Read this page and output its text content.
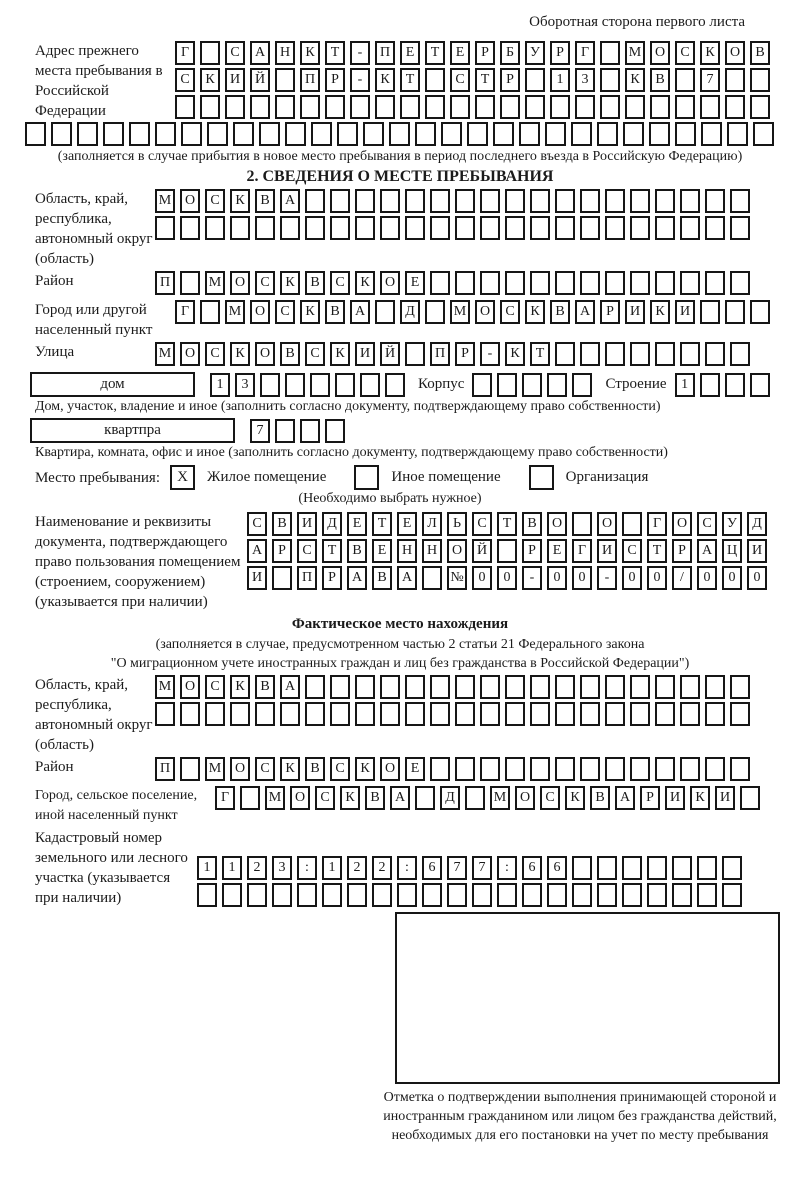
Оборотная сторона первого листа
Адрес прежнего места пребывания в Российской Федерации
Г	С	А	Н	К	Т	-	П	Е	Т	Е	Р	Б	У	Р	Г	М О	С	К	О	В
С	К	И	Й	П	Р	-	К	Т	С	Т	Р	1	3	К	В	7
(заполняется в случае прибытия в новое место пребывания в период последнего въезда в Российскую Федерацию)
2. СВЕДЕНИЯ О МЕСТЕ ПРЕБЫВАНИЯ
Область, край, республика, автономный округ (область)
М О	С	К	В	А
Район	П	М О	С	К	В	С	К	О	Е
Город или другой населенный пункт
Г	М О	С	К	В	А	Д	М О	С	К	В	А	Р	И	К	И
Улица	М О	С	К	О	В	С	К	И	Й	П	Р	-	К	Т
дом	1	3	Корпус	Строение	1
Дом, участок, владение и иное (заполнить согласно документу, подтверждающему право собственности)
квартпра	7
Квартира, комната, офис и иное (заполнить согласно документу, подтверждающему право собственности)
Место пребывания:	X	Жилое помещение	Иное помещение	Организация
(Необходимо выбрать нужное)
Наименование и реквизиты документа, подтверждающего право пользования помещением (строением, сооружением) (указывается при наличии)
С	В	И	Д	Е	Т	Е	Л	Ь	С	Т	В	О	О	Г	О	С	У	Д
А	Р	С	Т	В	Е	Н	Н	О	Й	Р	Е	Г	И	С	Т	Р	А	Ц	И
И	П	Р	А	В	А	№	0	0	-	0	0	-	0	0	/	0	0	0
Фактическое место нахождения
(заполняется в случае, предусмотренном частью 2 статьи 21 Федерального закона
"О миграционном учете иностранных граждан и лиц без гражданства в Российской Федерации")
Область, край, республика, автономный округ (область)
М О	С	К	В	А
Район	П	М О	С	К	В	С	К	О	Е
Город, сельское поселение, иной населенный пункт
Г	М О	С	К	В	А	Д	М О	С	К	В	А	Р	И	К	И
Кадастровый номер земельного или лесного участка (указывается при наличии)
1	1	2	3	:	1	2	2	:	6	7	7	:	6	6
Отметка о подтверждении выполнения принимающей стороной и иностранным гражданином или лицом без гражданства действий, необходимых для его постановки на учет по месту пребывания
